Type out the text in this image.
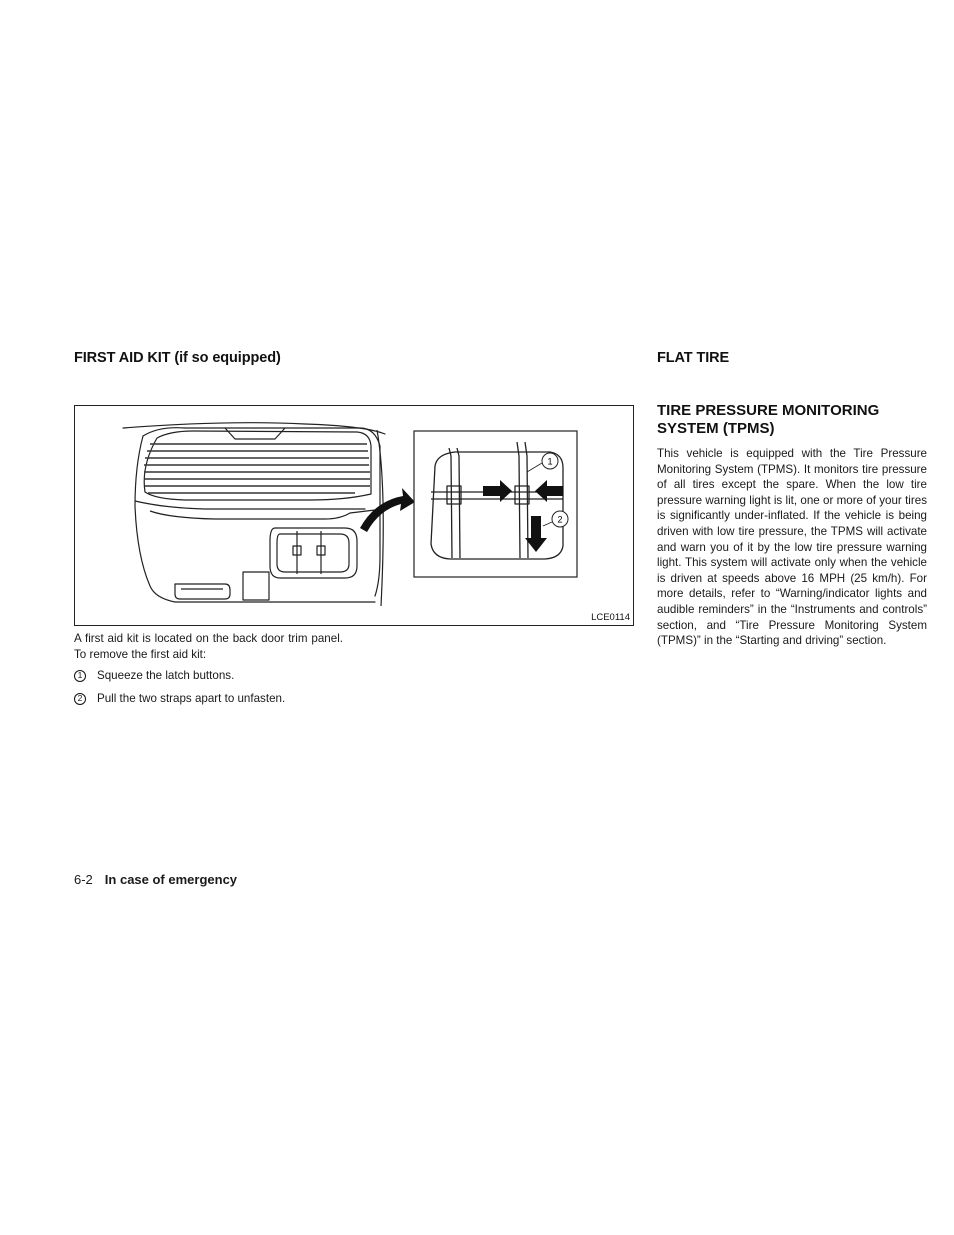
FIRST AID KIT (if so equipped)
1
2
LCE0114

A first aid kit is located on the back door trim panel. To remove the first aid kit:

1	Squeeze the latch buttons.
2	Pull the two straps apart to unfasten.
FLAT TIRE
TIRE PRESSURE MONITORING SYSTEM (TPMS)

This vehicle is equipped with the Tire Pressure Monitoring System (TPMS). It monitors tire pressure of all tires except the spare. When the low tire pressure warning light is lit, one or more of your tires is significantly under-inflated. If the vehicle is being driven with low tire pressure, the TPMS will activate and warn you of it by the low tire pressure warning light. This system will activate only when the vehicle is driven at speeds above 16 MPH (25 km/h). For more details, refer to “Warning/indicator lights and audible reminders” in the “Instruments and controls” section, and “Tire Pressure Monitoring System (TPMS)” in the “Starting and driving” section.

6-2 In case of emergency
